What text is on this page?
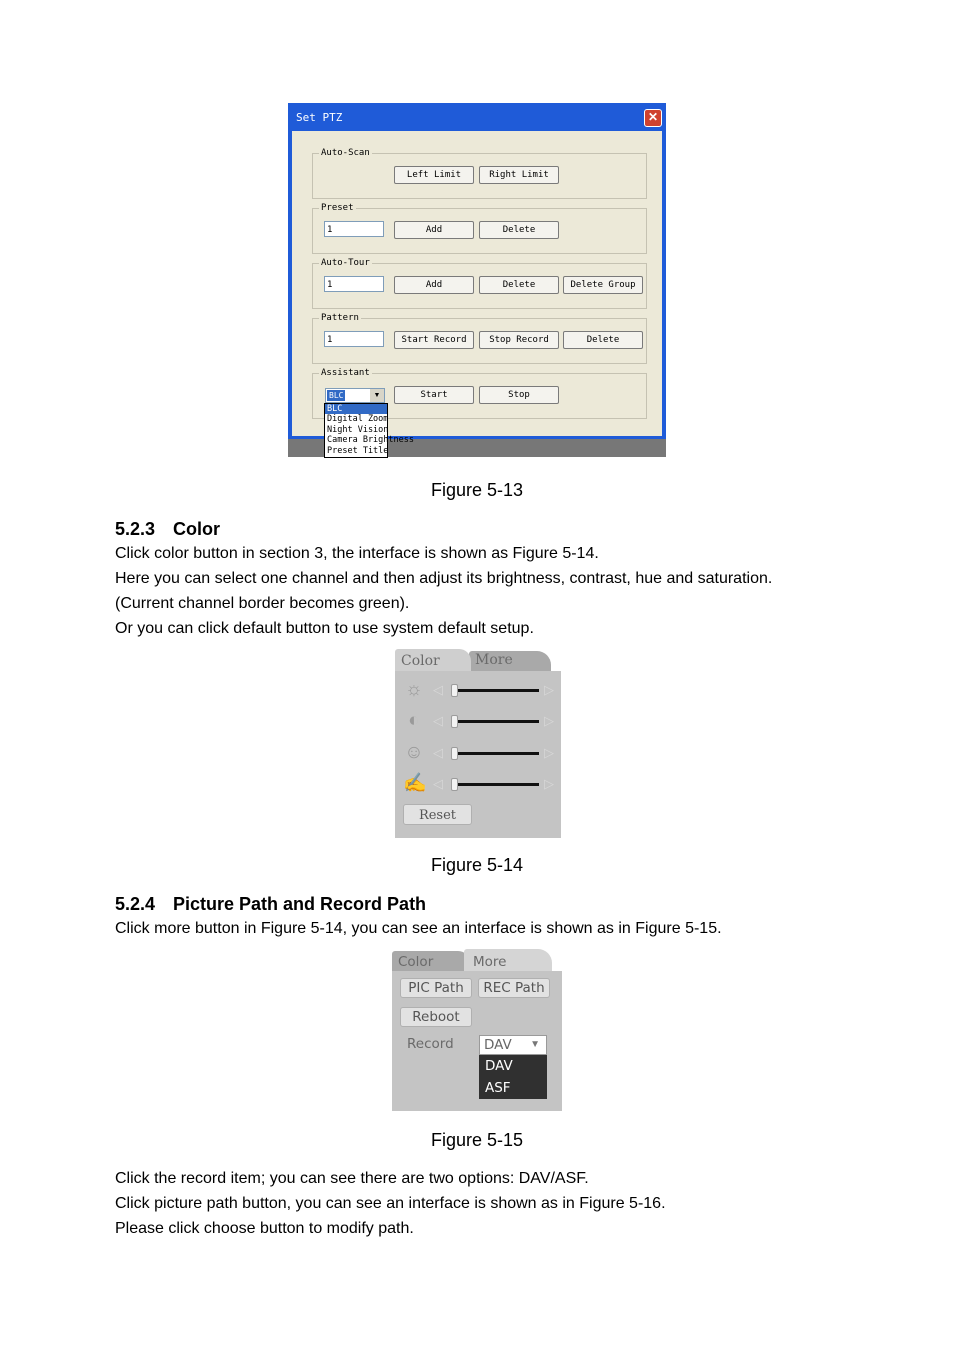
Set PTZ	✕
Auto-Scan
Left Limit	Right Limit
Preset
1	Add	Delete
Auto-Tour
1	Add	Delete	Delete Group
Pattern
1	Start Record	Stop Record	Delete
Assistant
BLC	▼	Start	Stop
BLC
Digital Zoom
Night Vision
Camera Brightness
Preset Title
Figure 5-13
5.2.3 Color
Click color button in section 3, the interface is shown as Figure 5-14.
Here you can select one channel and then adjust its brightness, contrast, hue and saturation.
(Current channel border becomes green).
Or you can click default button to use system default setup.
More
Color
☼ ◁	▷
◐	◁	▷
☺ ◁	▷
✍ ◁	▷
Reset
Figure 5-14
5.2.4 Picture Path and Record Path
Click more button in Figure 5-14, you can see an interface is shown as in Figure 5-15.
Color	More
PIC Path	REC Path
Reboot
Record DAV ▼
DAV
ASF
Figure 5-15
Click the record item; you can see there are two options: DAV/ASF.
Click picture path button, you can see an interface is shown as in Figure 5-16.
Please click choose button to modify path.
